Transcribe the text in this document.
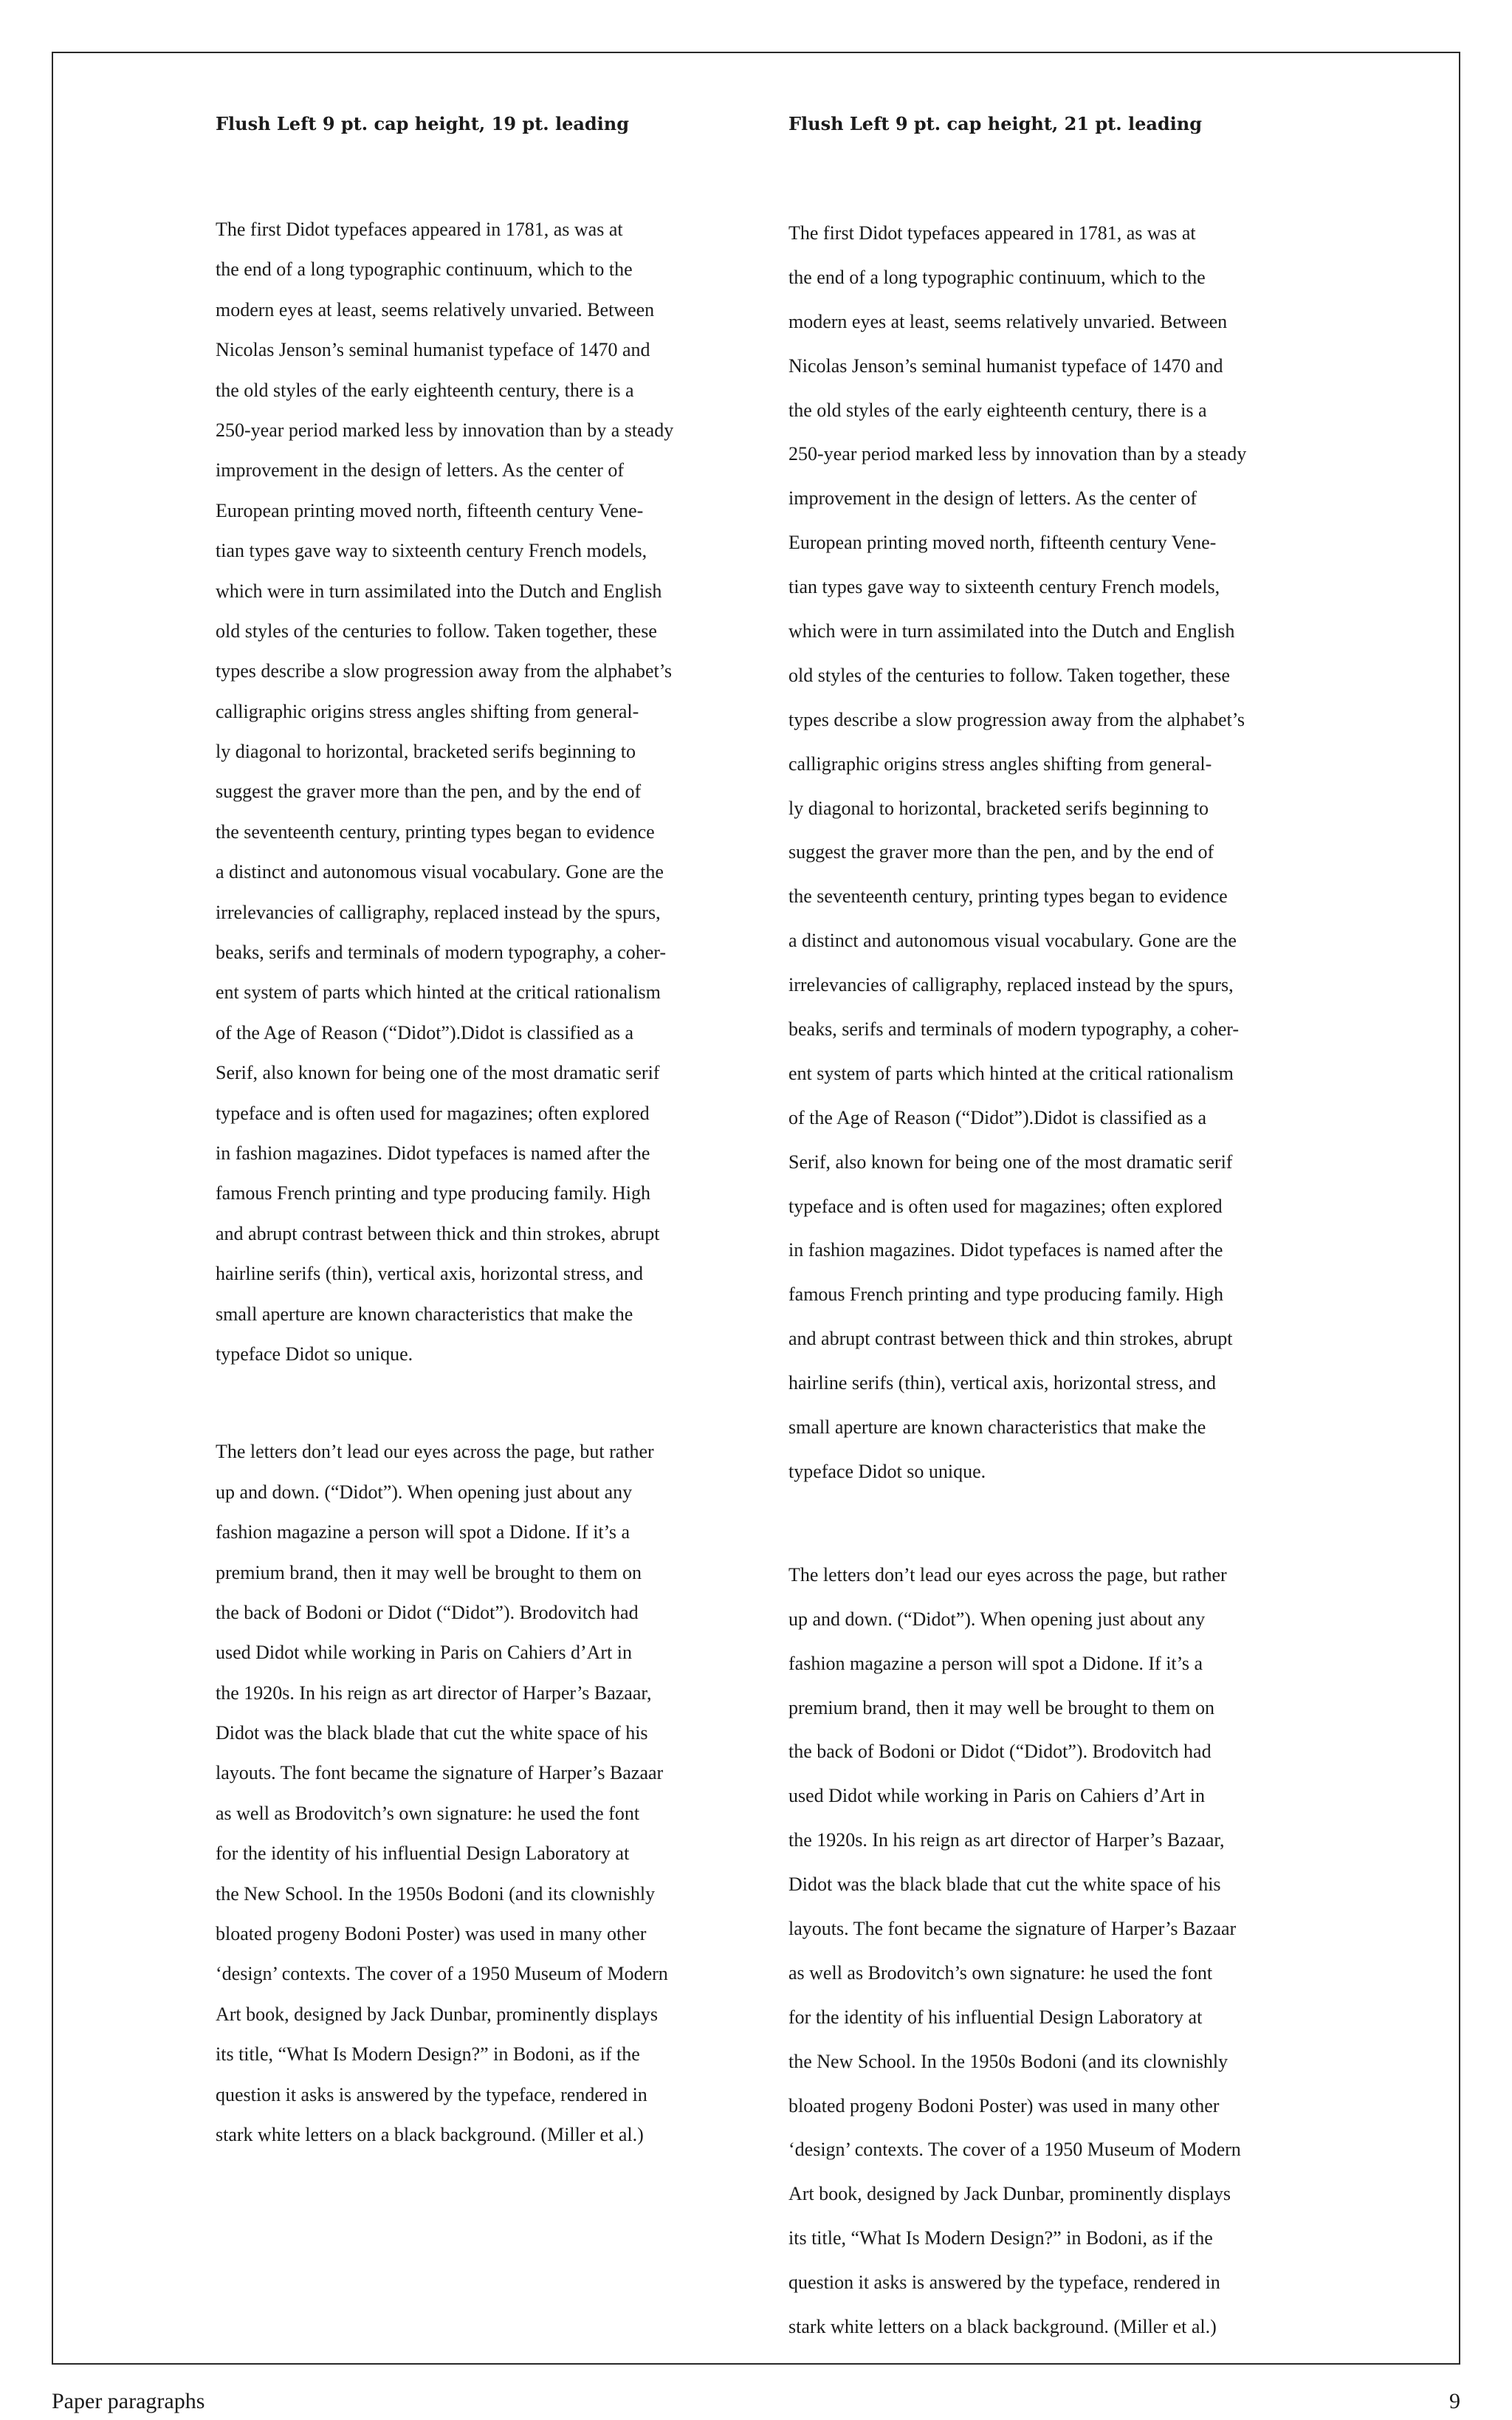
Flush Left 9 pt. cap height, 19 pt. leading

The first Didot typefaces appeared in 1781, as was at
the end of a long typographic continuum, which to the
modern eyes at least, seems relatively unvaried. Between
Nicolas Jenson’s seminal humanist typeface of 1470 and
the old styles of the early eighteenth century, there is a
250-year period marked less by innovation than by a steady
improvement in the design of letters. As the center of
European printing moved north, fifteenth century Vene-
tian types gave way to sixteenth century French models,
which were in turn assimilated into the Dutch and English
old styles of the centuries to follow. Taken together, these
types describe a slow progression away from the alphabet’s
calligraphic origins stress angles shifting from general-
ly diagonal to horizontal, bracketed serifs beginning to
suggest the graver more than the pen, and by the end of
the seventeenth century, printing types began to evidence
a distinct and autonomous visual vocabulary. Gone are the
irrelevancies of calligraphy, replaced instead by the spurs,
beaks, serifs and terminals of modern typography, a coher-
ent system of parts which hinted at the critical rationalism
of the Age of Reason (“Didot”).Didot is classified as a
Serif, also known for being one of the most dramatic serif
typeface and is often used for magazines; often explored
in fashion magazines. Didot typefaces is named after the
famous French printing and type producing family. High
and abrupt contrast between thick and thin strokes, abrupt
hairline serifs (thin), vertical axis, horizontal stress, and
small aperture are known characteristics that make the
typeface Didot so unique.

The letters don’t lead our eyes across the page, but rather
up and down. (“Didot”). When opening just about any
fashion magazine a person will spot a Didone. If it’s a
premium brand, then it may well be brought to them on
the back of Bodoni or Didot (“Didot”). Brodovitch had
used Didot while working in Paris on Cahiers d’Art in
the 1920s. In his reign as art director of Harper’s Bazaar,
Didot was the black blade that cut the white space of his
layouts. The font became the signature of Harper’s Bazaar
as well as Brodovitch’s own signature: he used the font
for the identity of his influential Design Laboratory at
the New School. In the 1950s Bodoni (and its clownishly
bloated progeny Bodoni Poster) was used in many other
‘design’ contexts. The cover of a 1950 Museum of Modern
Art book, designed by Jack Dunbar, prominently displays
its title, “What Is Modern Design?” in Bodoni, as if the
question it asks is answered by the typeface, rendered in
stark white letters on a black background. (Miller et al.)

Flush Left 9 pt. cap height, 21 pt. leading

The first Didot typefaces appeared in 1781, as was at
the end of a long typographic continuum, which to the
modern eyes at least, seems relatively unvaried. Between
Nicolas Jenson’s seminal humanist typeface of 1470 and
the old styles of the early eighteenth century, there is a
250-year period marked less by innovation than by a steady
improvement in the design of letters. As the center of
European printing moved north, fifteenth century Vene-
tian types gave way to sixteenth century French models,
which were in turn assimilated into the Dutch and English
old styles of the centuries to follow. Taken together, these
types describe a slow progression away from the alphabet’s
calligraphic origins stress angles shifting from general-
ly diagonal to horizontal, bracketed serifs beginning to
suggest the graver more than the pen, and by the end of
the seventeenth century, printing types began to evidence
a distinct and autonomous visual vocabulary. Gone are the
irrelevancies of calligraphy, replaced instead by the spurs,
beaks, serifs and terminals of modern typography, a coher-
ent system of parts which hinted at the critical rationalism
of the Age of Reason (“Didot”).Didot is classified as a
Serif, also known for being one of the most dramatic serif
typeface and is often used for magazines; often explored
in fashion magazines. Didot typefaces is named after the
famous French printing and type producing family. High
and abrupt contrast between thick and thin strokes, abrupt
hairline serifs (thin), vertical axis, horizontal stress, and
small aperture are known characteristics that make the
typeface Didot so unique.

The letters don’t lead our eyes across the page, but rather
up and down. (“Didot”). When opening just about any
fashion magazine a person will spot a Didone. If it’s a
premium brand, then it may well be brought to them on
the back of Bodoni or Didot (“Didot”). Brodovitch had
used Didot while working in Paris on Cahiers d’Art in
the 1920s. In his reign as art director of Harper’s Bazaar,
Didot was the black blade that cut the white space of his
layouts. The font became the signature of Harper’s Bazaar
as well as Brodovitch’s own signature: he used the font
for the identity of his influential Design Laboratory at
the New School. In the 1950s Bodoni (and its clownishly
bloated progeny Bodoni Poster) was used in many other
‘design’ contexts. The cover of a 1950 Museum of Modern
Art book, designed by Jack Dunbar, prominently displays
its title, “What Is Modern Design?” in Bodoni, as if the
question it asks is answered by the typeface, rendered in
stark white letters on a black background. (Miller et al.)

Paper paragraphs	9
